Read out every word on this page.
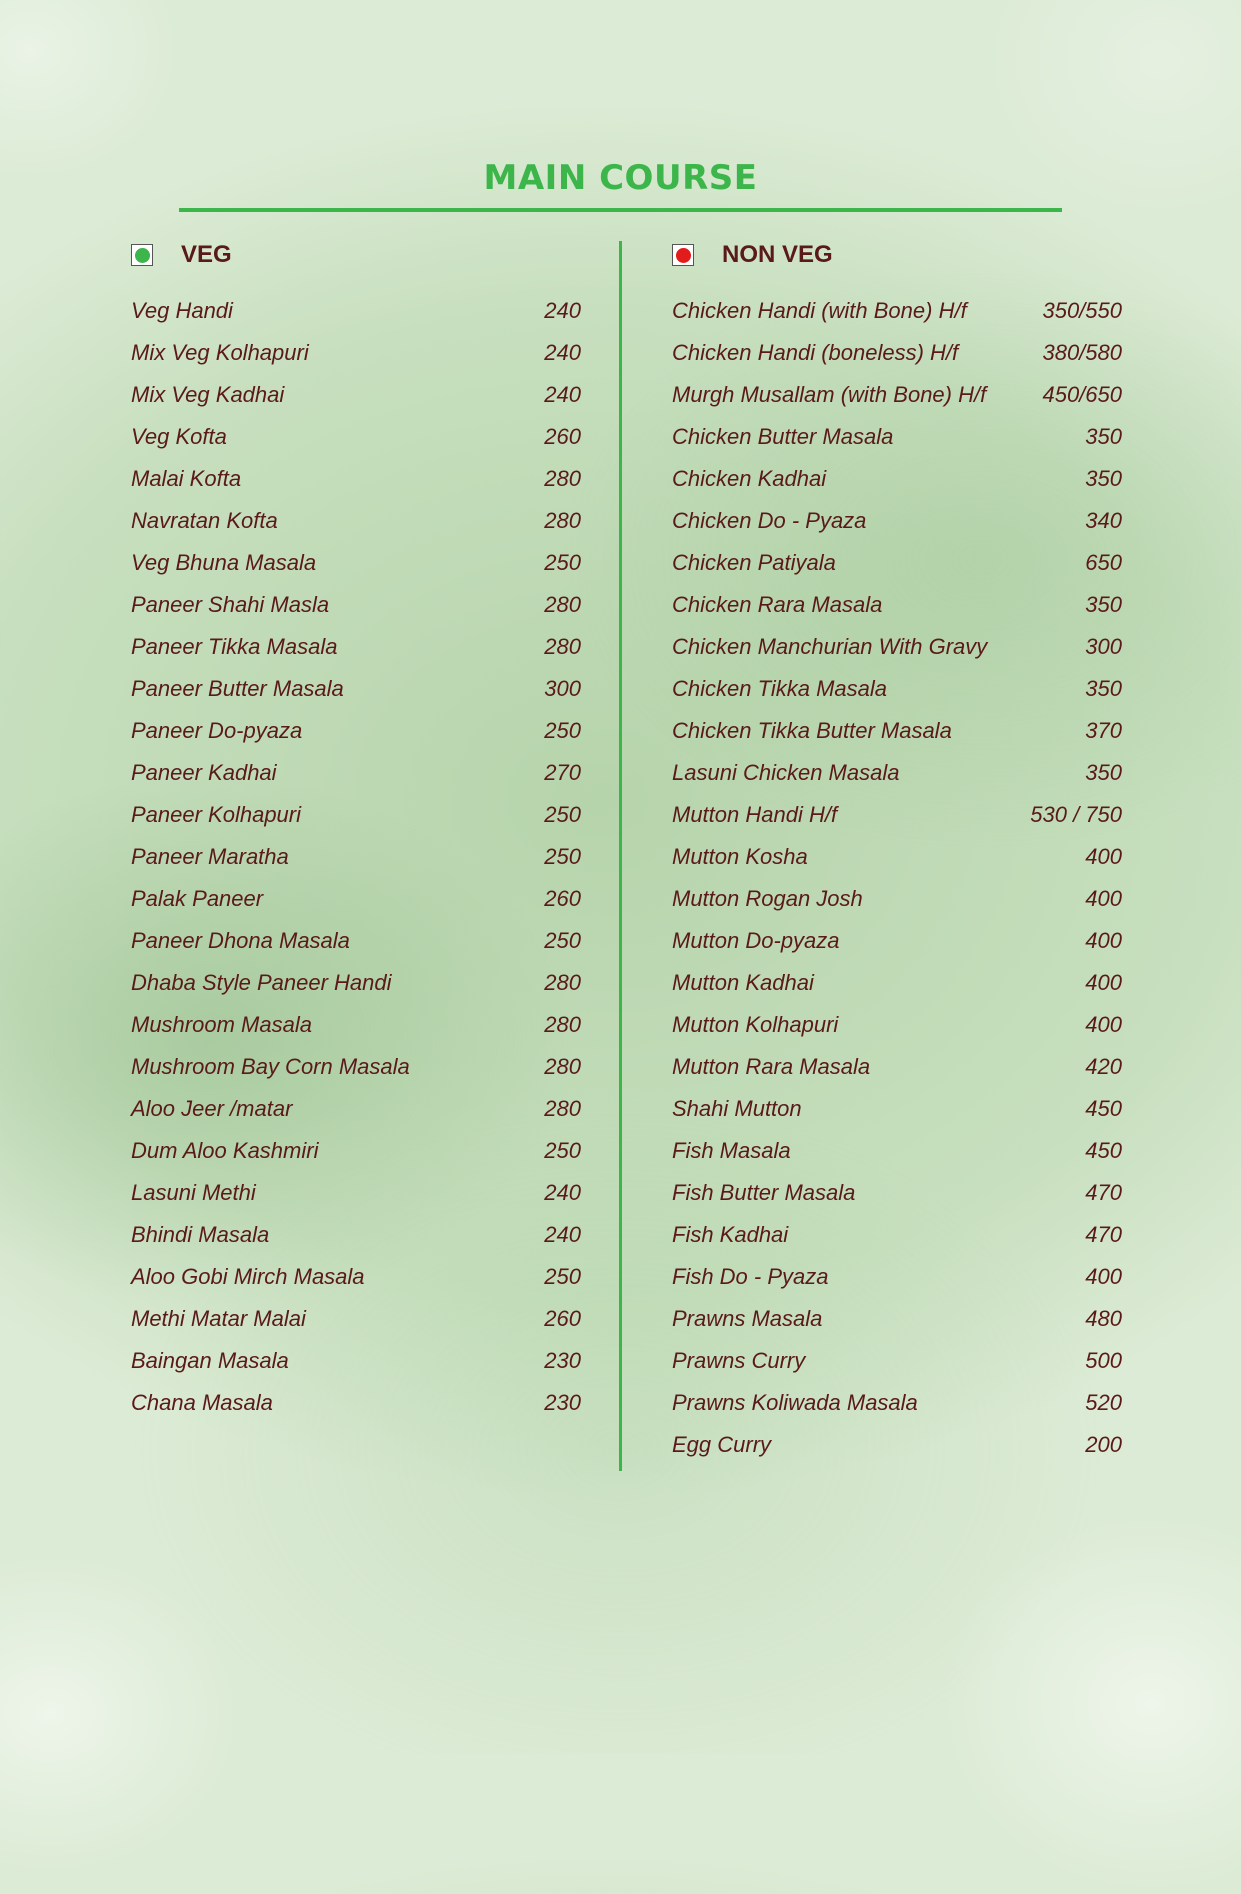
MAIN COURSE
VEG
Veg Handi	240
Mix Veg Kolhapuri	240
Mix Veg Kadhai	240
Veg Kofta	260
Malai Kofta	280
Navratan Kofta	280
Veg Bhuna Masala	250
Paneer Shahi Masla	280
Paneer Tikka Masala	280
Paneer Butter Masala	300
Paneer Do-pyaza	250
Paneer Kadhai	270
Paneer Kolhapuri	250
Paneer Maratha	250
Palak Paneer	260
Paneer Dhona Masala	250
Dhaba Style Paneer Handi	280
Mushroom Masala	280
Mushroom Bay Corn Masala	280
Aloo Jeer /matar	280
Dum Aloo Kashmiri	250
Lasuni Methi	240
Bhindi Masala	240
Aloo Gobi Mirch Masala	250
Methi Matar Malai	260
Baingan Masala	230
Chana Masala	230
NON VEG
Chicken Handi (with Bone) H/f	350/550
Chicken Handi (boneless) H/f	380/580
Murgh Musallam (with Bone) H/f	450/650
Chicken Butter Masala	350
Chicken Kadhai	350
Chicken Do - Pyaza	340
Chicken Patiyala	650
Chicken Rara Masala	350
Chicken Manchurian With Gravy	300
Chicken Tikka Masala	350
Chicken Tikka Butter Masala	370
Lasuni Chicken Masala	350
Mutton Handi H/f	530 / 750
Mutton Kosha	400
Mutton Rogan Josh	400
Mutton Do-pyaza	400
Mutton Kadhai	400
Mutton Kolhapuri	400
Mutton Rara Masala	420
Shahi Mutton	450
Fish Masala	450
Fish Butter Masala	470
Fish Kadhai	470
Fish Do - Pyaza	400
Prawns Masala	480
Prawns Curry	500
Prawns Koliwada Masala	520
Egg Curry	200
